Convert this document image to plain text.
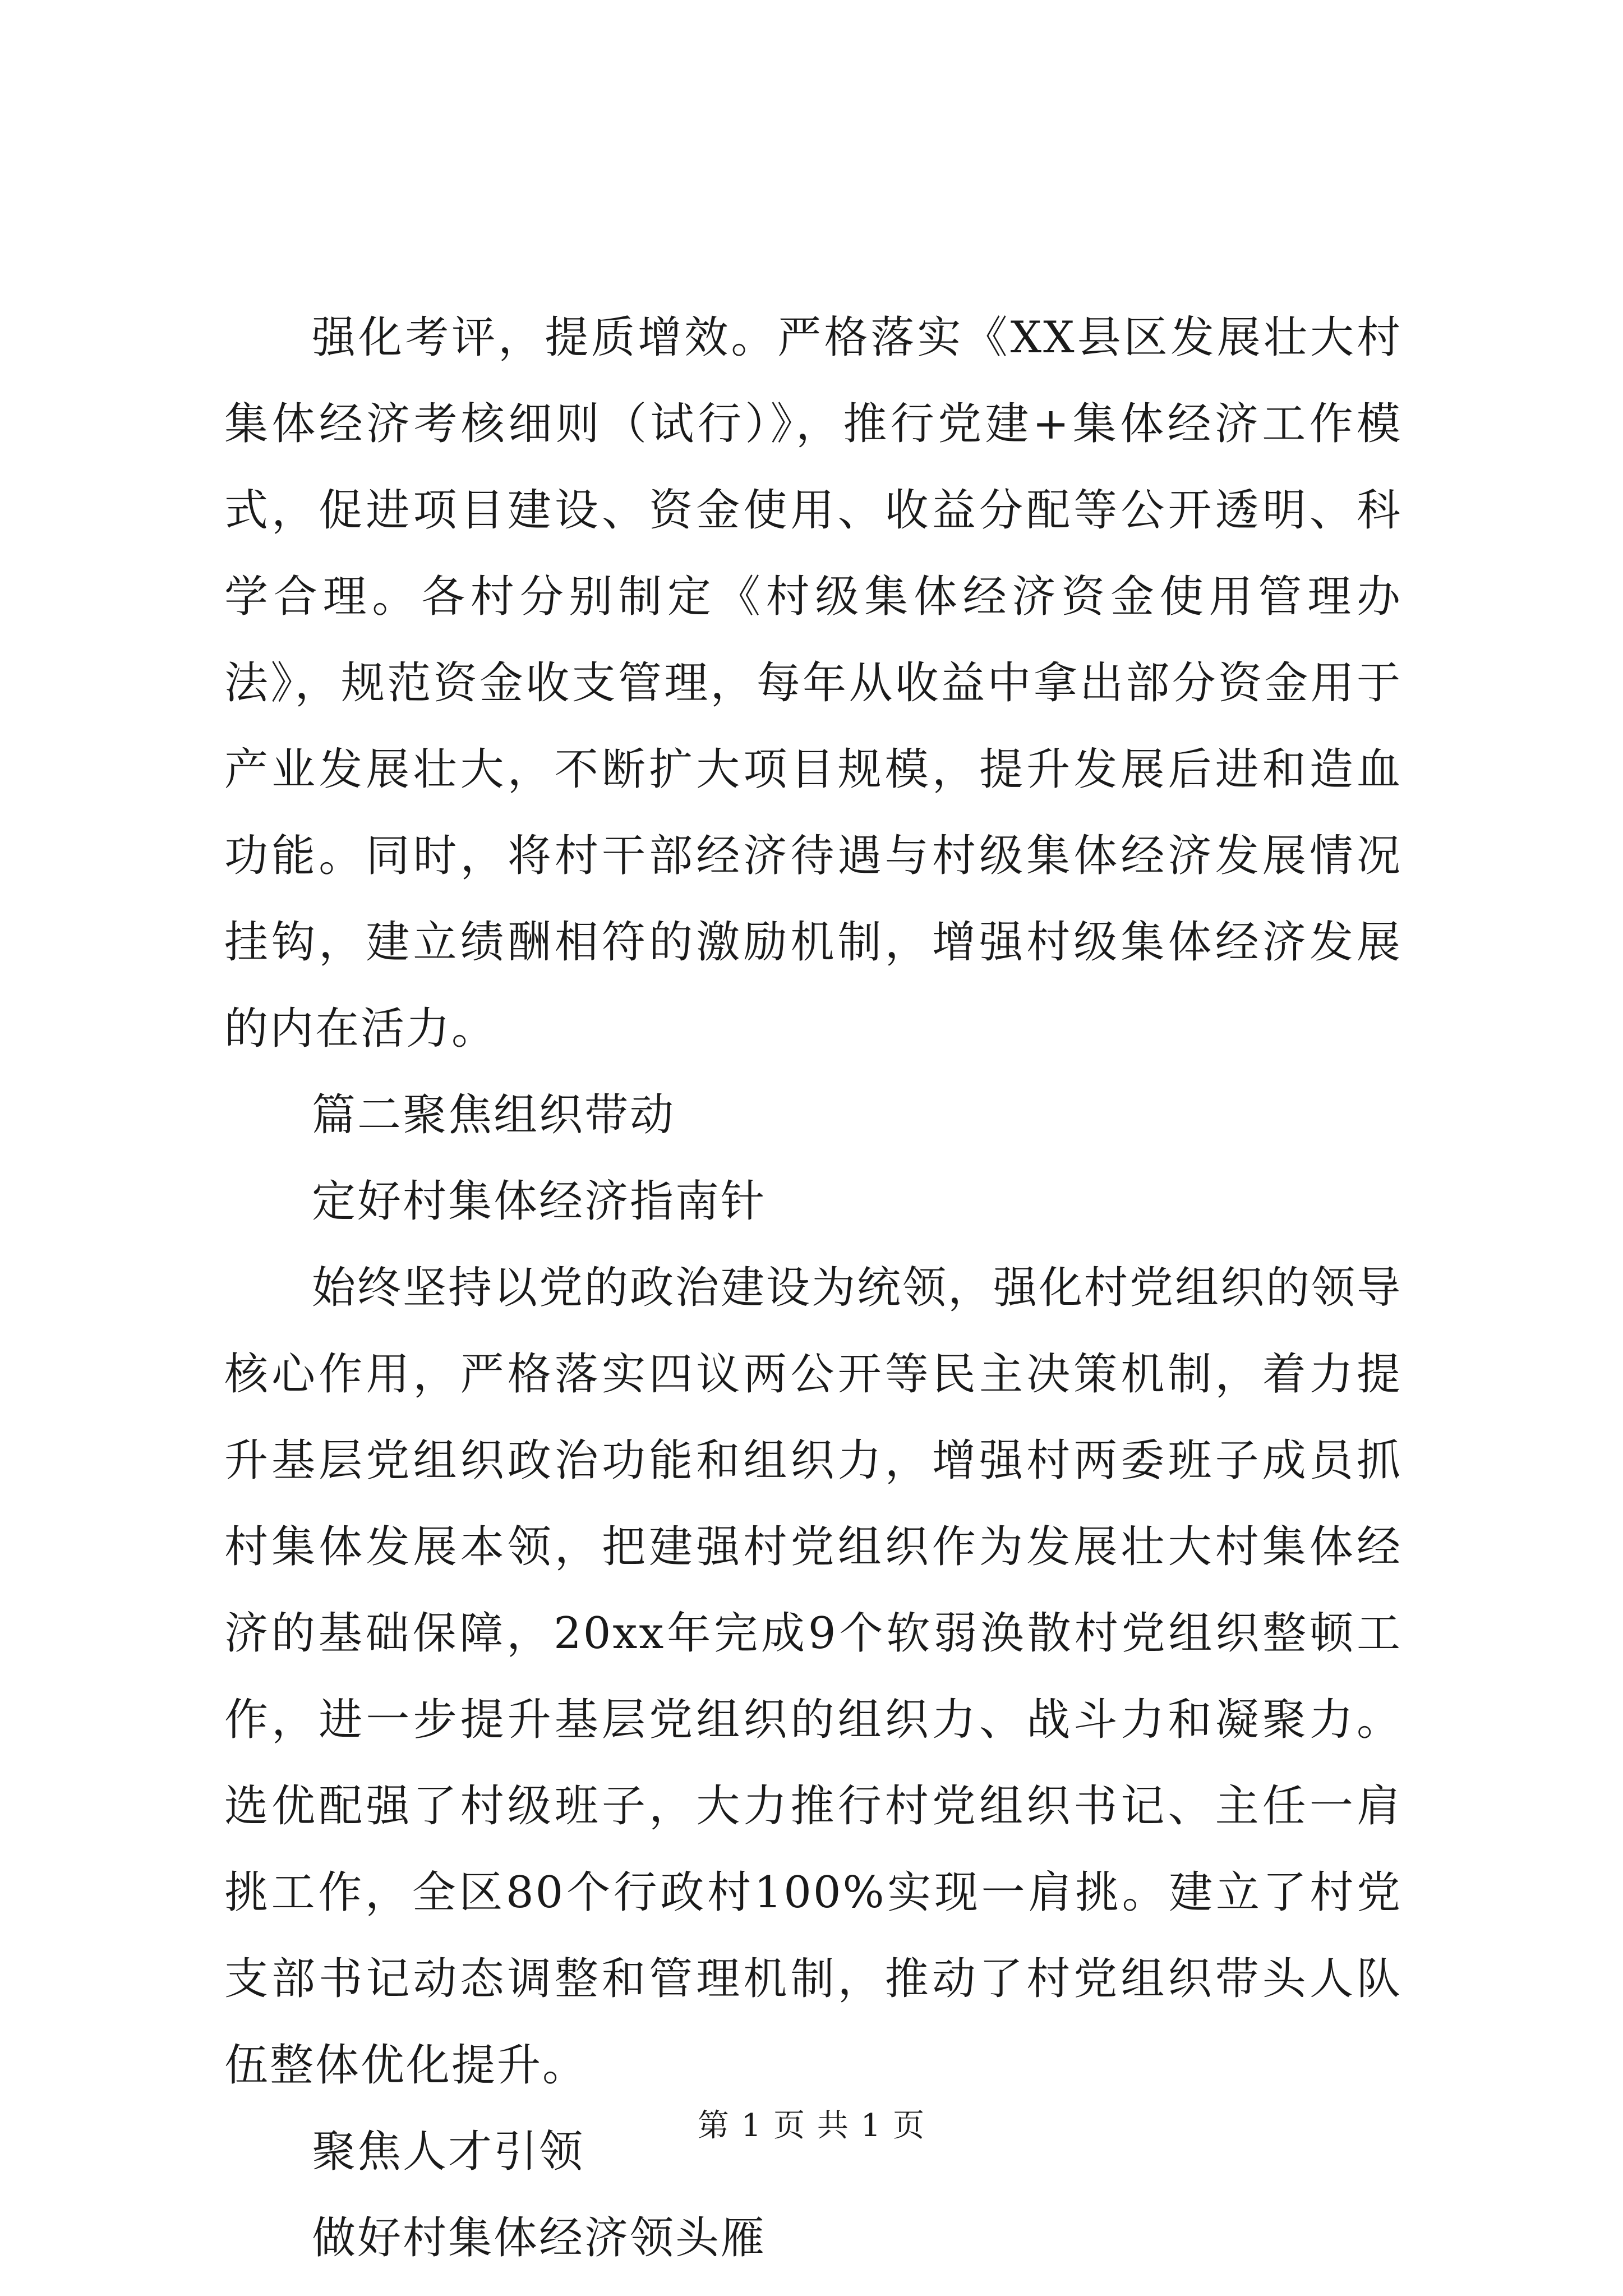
强化考评，提质增效。严格落实《XX县区发展壮大村集体经济考核细则（试行）》，推行党建+集体经济工作模式，促进项目建设、资金使用、收益分配等公开透明、科学合理。各村分别制定《村级集体经济资金使用管理办法》，规范资金收支管理，每年从收益中拿出部分资金用于产业发展壮大，不断扩大项目规模，提升发展后进和造血功能。同时，将村干部经济待遇与村级集体经济发展情况挂钩，建立绩酬相符的激励机制，增强村级集体经济发展的内在活力。

篇二聚焦组织带动

定好村集体经济指南针

始终坚持以党的政治建设为统领，强化村党组织的领导核心作用，严格落实四议两公开等民主决策机制，着力提升基层党组织政治功能和组织力，增强村两委班子成员抓村集体发展本领，把建强村党组织作为发展壮大村集体经济的基础保障，20xx年完成9个软弱涣散村党组织整顿工作，进一步提升基层党组织的组织力、战斗力和凝聚力。选优配强了村级班子，大力推行村党组织书记、主任一肩挑工作，全区80个行政村100%实现一肩挑。建立了村党支部书记动态调整和管理机制，推动了村党组织带头人队伍整体优化提升。

聚焦人才引领

做好村集体经济领头雁

第 1 页 共 1 页
